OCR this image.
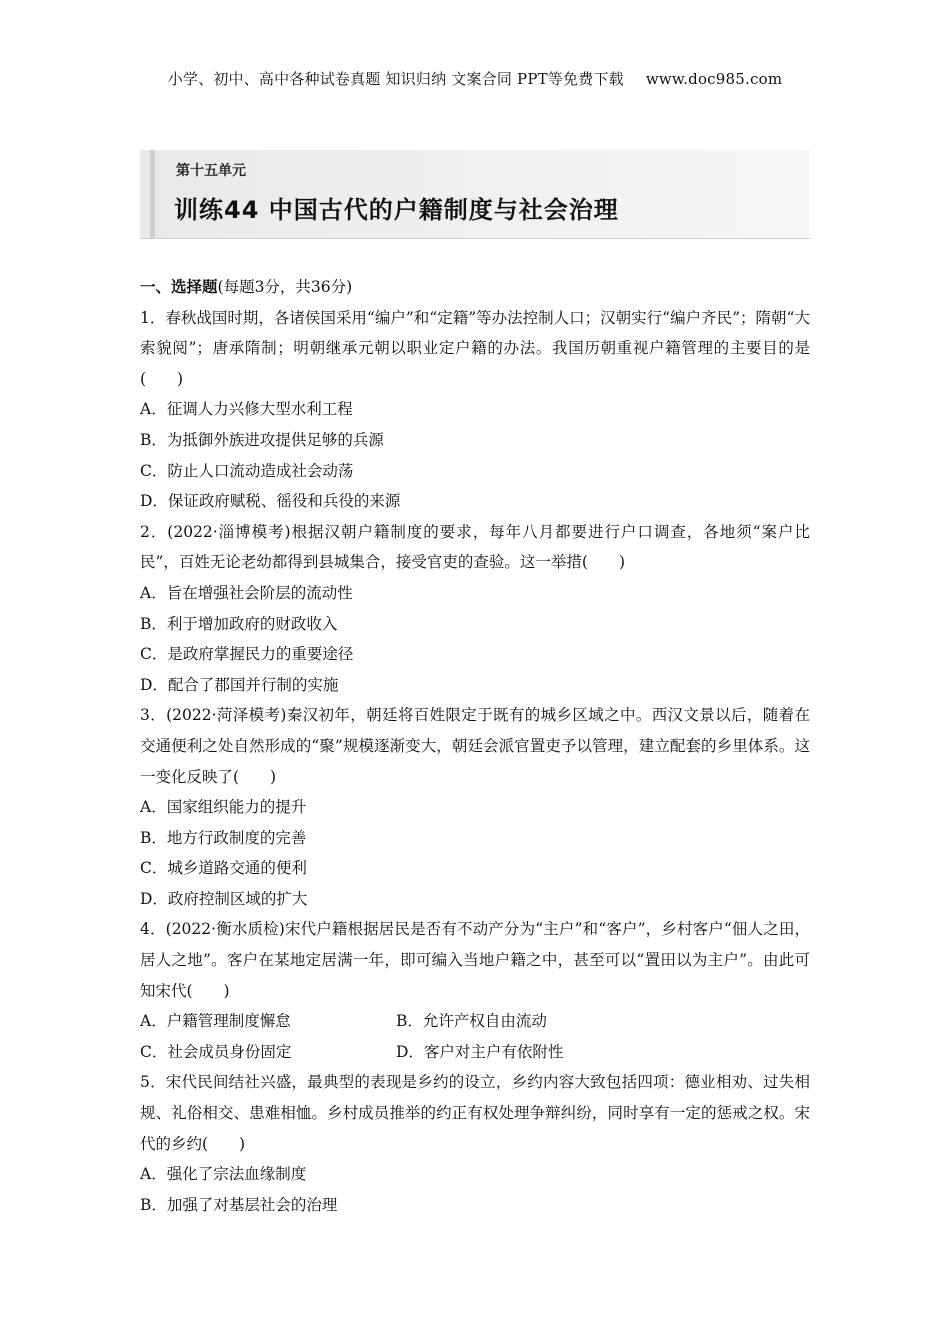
小学、初中、高中各种试卷真题 知识归纳 文案合同 PPT等免费下载 www.doc985.com
第十五单元
训练44 中国古代的户籍制度与社会治理
一、选择题(每题3分，共36分)
1．春秋战国时期，各诸侯国采用“编户”和“定籍”等办法控制人口；汉朝实行“编户齐民”；隋朝“大索貌阅”；唐承隋制；明朝继承元朝以职业定户籍的办法。我国历朝重视户籍管理的主要目的是(　　)
A．征调人力兴修大型水利工程
B．为抵御外族进攻提供足够的兵源
C．防止人口流动造成社会动荡
D．保证政府赋税、徭役和兵役的来源
2．(2022·淄博模考)根据汉朝户籍制度的要求，每年八月都要进行户口调查，各地须“案户比民”，百姓无论老幼都得到县城集合，接受官吏的查验。这一举措(　　)
A．旨在增强社会阶层的流动性
B．利于增加政府的财政收入
C．是政府掌握民力的重要途径
D．配合了郡国并行制的实施
3．(2022·菏泽模考)秦汉初年，朝廷将百姓限定于既有的城乡区域之中。西汉文景以后，随着在交通便利之处自然形成的“聚”规模逐渐变大，朝廷会派官置吏予以管理，建立配套的乡里体系。这一变化反映了(　　)
A．国家组织能力的提升
B．地方行政制度的完善
C．城乡道路交通的便利
D．政府控制区域的扩大
4．(2022·衡水质检)宋代户籍根据居民是否有不动产分为“主户”和“客户”，乡村客户“佃人之田，居人之地”。客户在某地定居满一年，即可编入当地户籍之中，甚至可以“置田以为主户”。由此可知宋代(　　)
A．户籍管理制度懈怠	B．允许产权自由流动
C．社会成员身份固定	D．客户对主户有依附性
5．宋代民间结社兴盛，最典型的表现是乡约的设立，乡约内容大致包括四项：德业相劝、过失相规、礼俗相交、患难相恤。乡村成员推举的约正有权处理争辩纠纷，同时享有一定的惩戒之权。宋代的乡约(　　)
A．强化了宗法血缘制度
B．加强了对基层社会的治理
